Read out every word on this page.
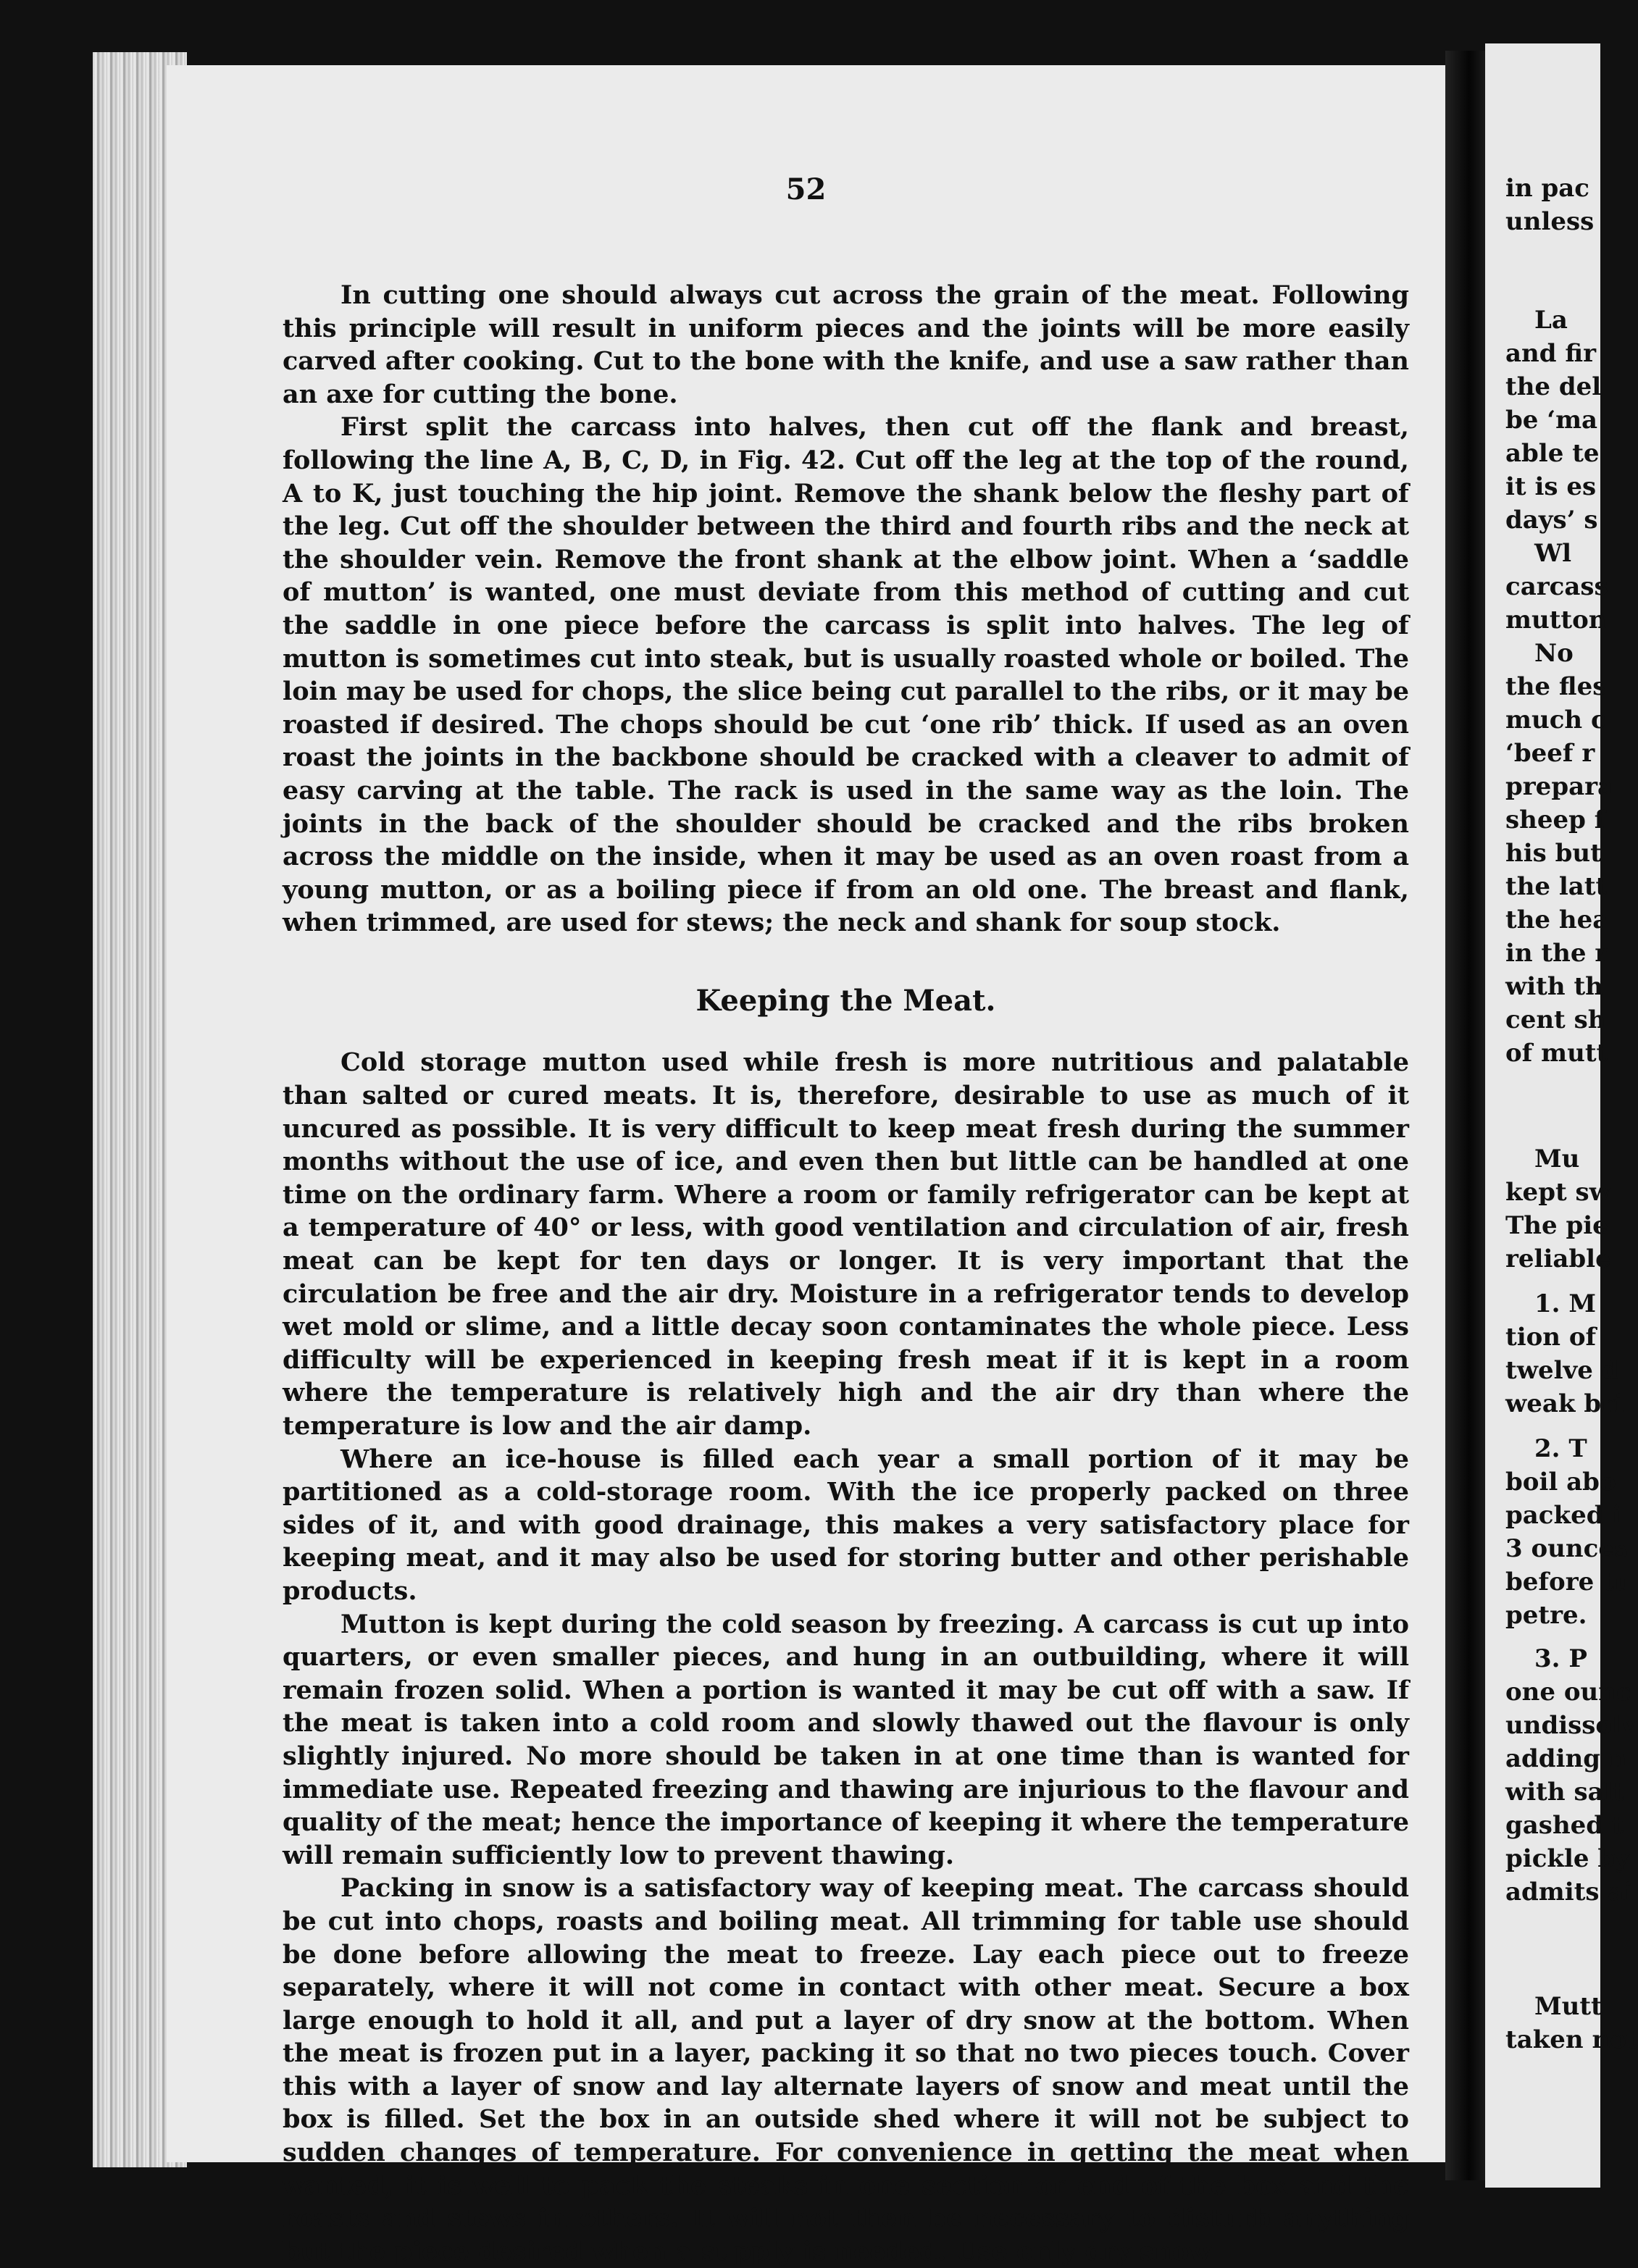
52

In cutting one should always cut across the grain of the meat. Following this principle will result in uniform pieces and the joints will be more easily carved after cooking. Cut to the bone with the knife, and use a saw rather than an axe for cutting the bone.

First split the carcass into halves, then cut off the flank and breast, following the line A, B, C, D, in Fig. 42. Cut off the leg at the top of the round, A to K, just touching the hip joint. Remove the shank below the fleshy part of the leg. Cut off the shoulder between the third and fourth ribs and the neck at the shoulder vein. Remove the front shank at the elbow joint. When a ‘saddle of mutton’ is wanted, one must deviate from this method of cutting and cut the saddle in one piece before the carcass is split into halves. The leg of mutton is sometimes cut into steak, but is usually roasted whole or boiled. The loin may be used for chops, the slice being cut parallel to the ribs, or it may be roasted if desired. The chops should be cut ‘one rib’ thick. If used as an oven roast the joints in the backbone should be cracked with a cleaver to admit of easy carving at the table. The rack is used in the same way as the loin. The joints in the back of the shoulder should be cracked and the ribs broken across the middle on the inside, when it may be used as an oven roast from a young mutton, or as a boiling piece if from an old one. The breast and flank, when trimmed, are used for stews; the neck and shank for soup stock.

Keeping the Meat.

Cold storage mutton used while fresh is more nutritious and palatable than salted or cured meats. It is, therefore, desirable to use as much of it uncured as possible. It is very difficult to keep meat fresh during the summer months without the use of ice, and even then but little can be handled at one time on the ordinary farm. Where a room or family refrigerator can be kept at a temperature of 40° or less, with good ventilation and circulation of air, fresh meat can be kept for ten days or longer. It is very important that the circulation be free and the air dry. Moisture in a refrigerator tends to develop wet mold or slime, and a little decay soon contaminates the whole piece. Less difficulty will be experienced in keeping fresh meat if it is kept in a room where the temperature is relatively high and the air dry than where the temperature is low and the air damp.

Where an ice-house is filled each year a small portion of it may be partitioned as a cold-storage room. With the ice properly packed on three sides of it, and with good drainage, this makes a very satisfactory place for keeping meat, and it may also be used for storing butter and other perishable products.

Mutton is kept during the cold season by freezing. A carcass is cut up into quarters, or even smaller pieces, and hung in an outbuilding, where it will remain frozen solid. When a portion is wanted it may be cut off with a saw. If the meat is taken into a cold room and slowly thawed out the flavour is only slightly injured. No more should be taken in at one time than is wanted for immediate use. Repeated freezing and thawing are injurious to the flavour and quality of the meat; hence the importance of keeping it where the temperature will remain sufficiently low to prevent thawing.

Packing in snow is a satisfactory way of keeping meat. The carcass should be cut into chops, roasts and boiling meat. All trimming for table use should be done before allowing the meat to freeze. Lay each piece out to freeze separately, where it will not come in contact with other meat. Secure a box large enough to hold it all, and put a layer of dry snow at the bottom. When the meat is frozen put in a layer, packing it so that no two pieces touch. Cover this with a layer of snow and lay alternate layers of snow and meat until the box is filled. Set the box in an outside shed where it will not be subject to sudden changes of temperature. For convenience in getting the meat when wanted, it is well to pack the steaks in one section or end of the box and the roasts and stews in others. It will not then be necessary to disturb anything but the piece desired when a supply is needed. Use only dry snow

in pac
unless
La
and fir
the del
be ‘ma
able te
it is es
days’ s
Wl
carcass
mutton
No
the fles
much c
‘beef r
prepara
sheep f
his but
the latt
the hea
in the r
with th
cent sh
of mutt
Mu
kept sw
The pie
reliable
1. M
tion of
twelve d
weak bri
2. T
boil abo
packed i
3 ounces
before tu
petre.
3. P
one ounc
undissolv
adding n
with salt
gashed t
pickle by
admits ai
Mutt
taken not
